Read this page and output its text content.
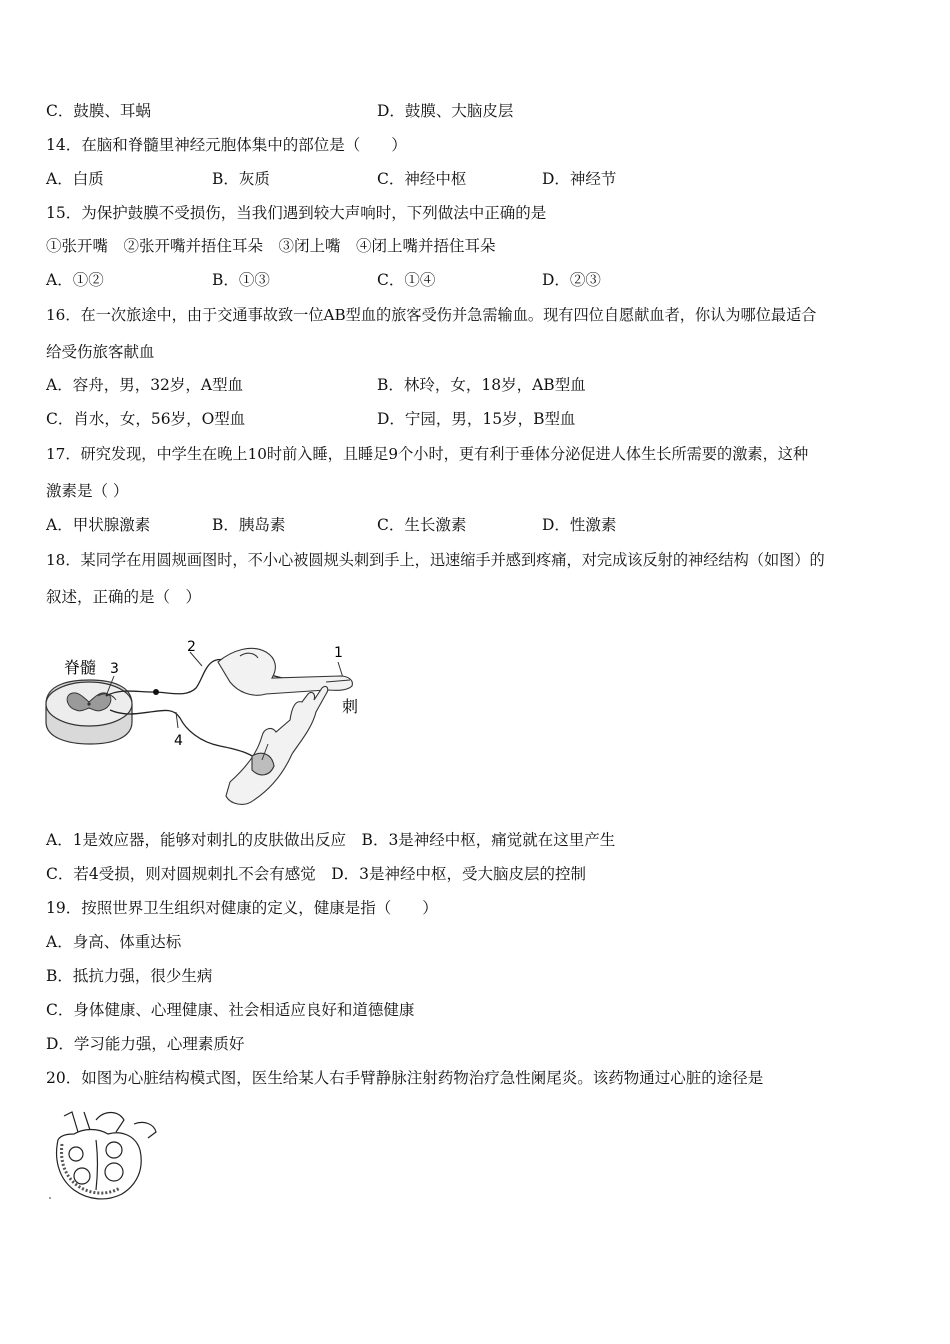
C．鼓膜、耳蜗	D．鼓膜、大脑皮层
14．在脑和脊髓里神经元胞体集中的部位是（　　）
A．白质	B．灰质	C．神经中枢	D．神经节
15．为保护鼓膜不受损伤，当我们遇到较大声响时，下列做法中正确的是
①张开嘴　②张开嘴并捂住耳朵　③闭上嘴　④闭上嘴并捂住耳朵
A．①②	B．①③	C．①④	D．②③
16．在一次旅途中，由于交通事故致一位AB型血的旅客受伤并急需输血。现有四位自愿献血者，你认为哪位最适合
给受伤旅客献血
A．容舟，男，32岁，A型血	B．林玲，女，18岁，AB型血
C．肖水，女，56岁，O型血	D．宁园，男，15岁，B型血
17．研究发现，中学生在晚上10时前入睡，且睡足9个小时，更有利于垂体分泌促进人体生长所需要的激素，这种
激素是（ ）
A．甲状腺激素	B．胰岛素	C．生长激素	D．性激素
18．某同学在用圆规画图时，不小心被圆规头刺到手上，迅速缩手并感到疼痛，对完成该反射的神经结构（如图）的
叙述，正确的是（　）
脊髓 3
2	1
刺
4
A．1是效应器，能够对刺扎的皮肤做出反应　B．3是神经中枢，痛觉就在这里产生
C．若4受损，则对圆规刺扎不会有感觉　D．3是神经中枢，受大脑皮层的控制
19．按照世界卫生组织对健康的定义，健康是指（　　）
A．身高、体重达标
B．抵抗力强，很少生病
C．身体健康、心理健康、社会相适应良好和道德健康
D．学习能力强，心理素质好
20．如图为心脏结构模式图，医生给某人右手臂静脉注射药物治疗急性阑尾炎。该药物通过心脏的途径是
